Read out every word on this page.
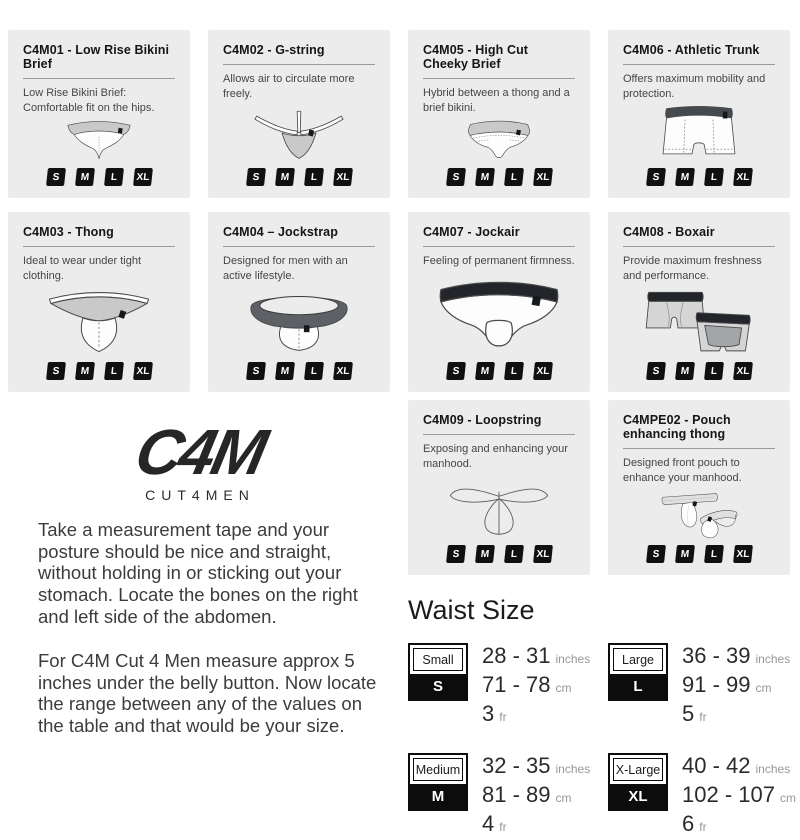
C4M01 - Low Rise Bikini Brief

Low Rise Bikini Brief: Comfortable fit on the hips.

S	M	L	XL
C4M02 - G-string

Allows air to circulate more freely.

S	M	L	XL
C4M05 - High Cut Cheeky Brief

Hybrid between a thong and a brief bikini.

S	M	L	XL
C4M06 - Athletic Trunk

Offers maximum mobility and protection.

S	M	L	XL
C4M03 - Thong

Ideal to wear under tight clothing.

S	M	L	XL
C4M04 – Jockstrap

Designed for men with an active lifestyle.

S	M	L	XL
C4M07 - Jockair

Feeling of permanent firmness.

S	M	L	XL
C4M08 - Boxair

Provide maximum freshness and performance.

S	M	L	XL
C4M09 - Loopstring

Exposing and enhancing your manhood.

S	M	L	XL
C4MPE02 - Pouch enhancing thong

Designed front pouch to enhance your manhood.

S	M	L	XL
C4M
CUT4MEN

Take a measurement tape and your posture should be nice and straight, without holding in or sticking out your stomach. Locate the bones on the right and left side of the abdomen.

For C4M Cut 4 Men measure approx 5 inches under the belly button. Now locate the range between any of the values on the table and that would be your size.

Waist Size
Small
S
28 - 31 inches
71 - 78 cm
3 fr
Medium
M
32 - 35 inches
81 - 89 cm
4 fr
Large
L
36 - 39 inches
91 - 99 cm
5 fr
X-Large
XL
40 - 42 inches
102 - 107 cm
6 fr
